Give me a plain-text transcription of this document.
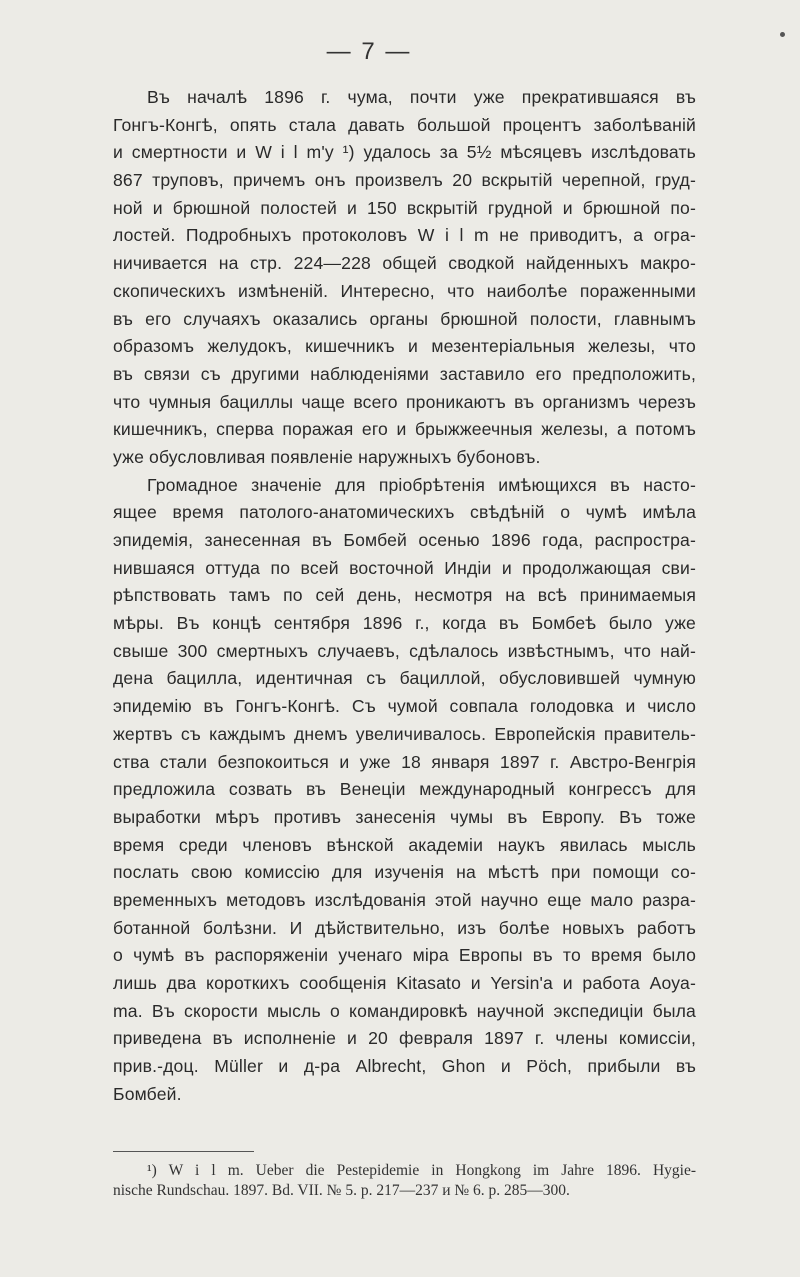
— 7 —
Въ началѣ 1896 г. чума, почти уже прекратившаяся въ
Гонгъ-Конгѣ, опять стала давать большой процентъ заболѣваній
и смертности и W i l m'у ¹) удалось за 5½ мѣсяцевъ изслѣдовать
867 труповъ, причемъ онъ произвелъ 20 вскрытій черепной, груд-
ной и брюшной полостей и 150 вскрытій грудной и брюшной по-
лостей. Подробныхъ протоколовъ W i l m не приводитъ, а огра-
ничивается на стр. 224—228 общей сводкой найденныхъ макро-
скопическихъ измѣненій. Интересно, что наиболѣе пораженными
въ его случаяхъ оказались органы брюшной полости, главнымъ
образомъ желудокъ, кишечникъ и мезентеріальныя железы, что
въ связи съ другими наблюденіями заставило его предположить,
что чумныя бациллы чаще всего проникаютъ въ организмъ черезъ
кишечникъ, сперва поражая его и брыжжеечныя железы, а потомъ
уже обусловливая появленіе наружныхъ бубоновъ.
Громадное значеніе для пріобрѣтенія имѣющихся въ насто-
ящее время патолого-анатомическихъ свѣдѣній о чумѣ имѣла
эпидемія, занесенная въ Бомбей осенью 1896 года, распростра-
нившаяся оттуда по всей восточной Индіи и продолжающая сви-
рѣпствовать тамъ по сей день, несмотря на всѣ принимаемыя
мѣры. Въ концѣ сентября 1896 г., когда въ Бомбеѣ было уже
свыше 300 смертныхъ случаевъ, сдѣлалось извѣстнымъ, что най-
дена бацилла, идентичная съ бациллой, обусловившей чумную
эпидемію въ Гонгъ-Конгѣ. Съ чумой совпала голодовка и число
жертвъ съ каждымъ днемъ увеличивалось. Европейскія правитель-
ства стали безпокоиться и уже 18 января 1897 г. Австро-Венгрія
предложила созвать въ Венеціи международный конгрессъ для
выработки мѣръ противъ занесенія чумы въ Европу. Въ тоже
время среди членовъ вѣнской академіи наукъ явилась мысль
послать свою комиссію для изученія на мѣстѣ при помощи со-
временныхъ методовъ изслѣдованія этой научно еще мало разра-
ботанной болѣзни. И дѣйствительно, изъ болѣе новыхъ работъ
о чумѣ въ распоряженіи ученаго міра Европы въ то время было
лишь два короткихъ сообщенія Kitasato и Yersin'a и работа Аоуа-
ma. Въ скорости мысль о командировкѣ научной экспедиціи была
приведена въ исполненіе и 20 февраля 1897 г. члены комиссіи,
прив.-доц. Müller и д-ра Albrecht, Ghon и Pöch, прибыли въ
Бомбей.
¹) W i l m. Ueber die Pestepidemie in Hongkong im Jahre 1896. Hygie-
nische Rundschau. 1897. Bd. VII. № 5. p. 217—237 и № 6. p. 285—300.
